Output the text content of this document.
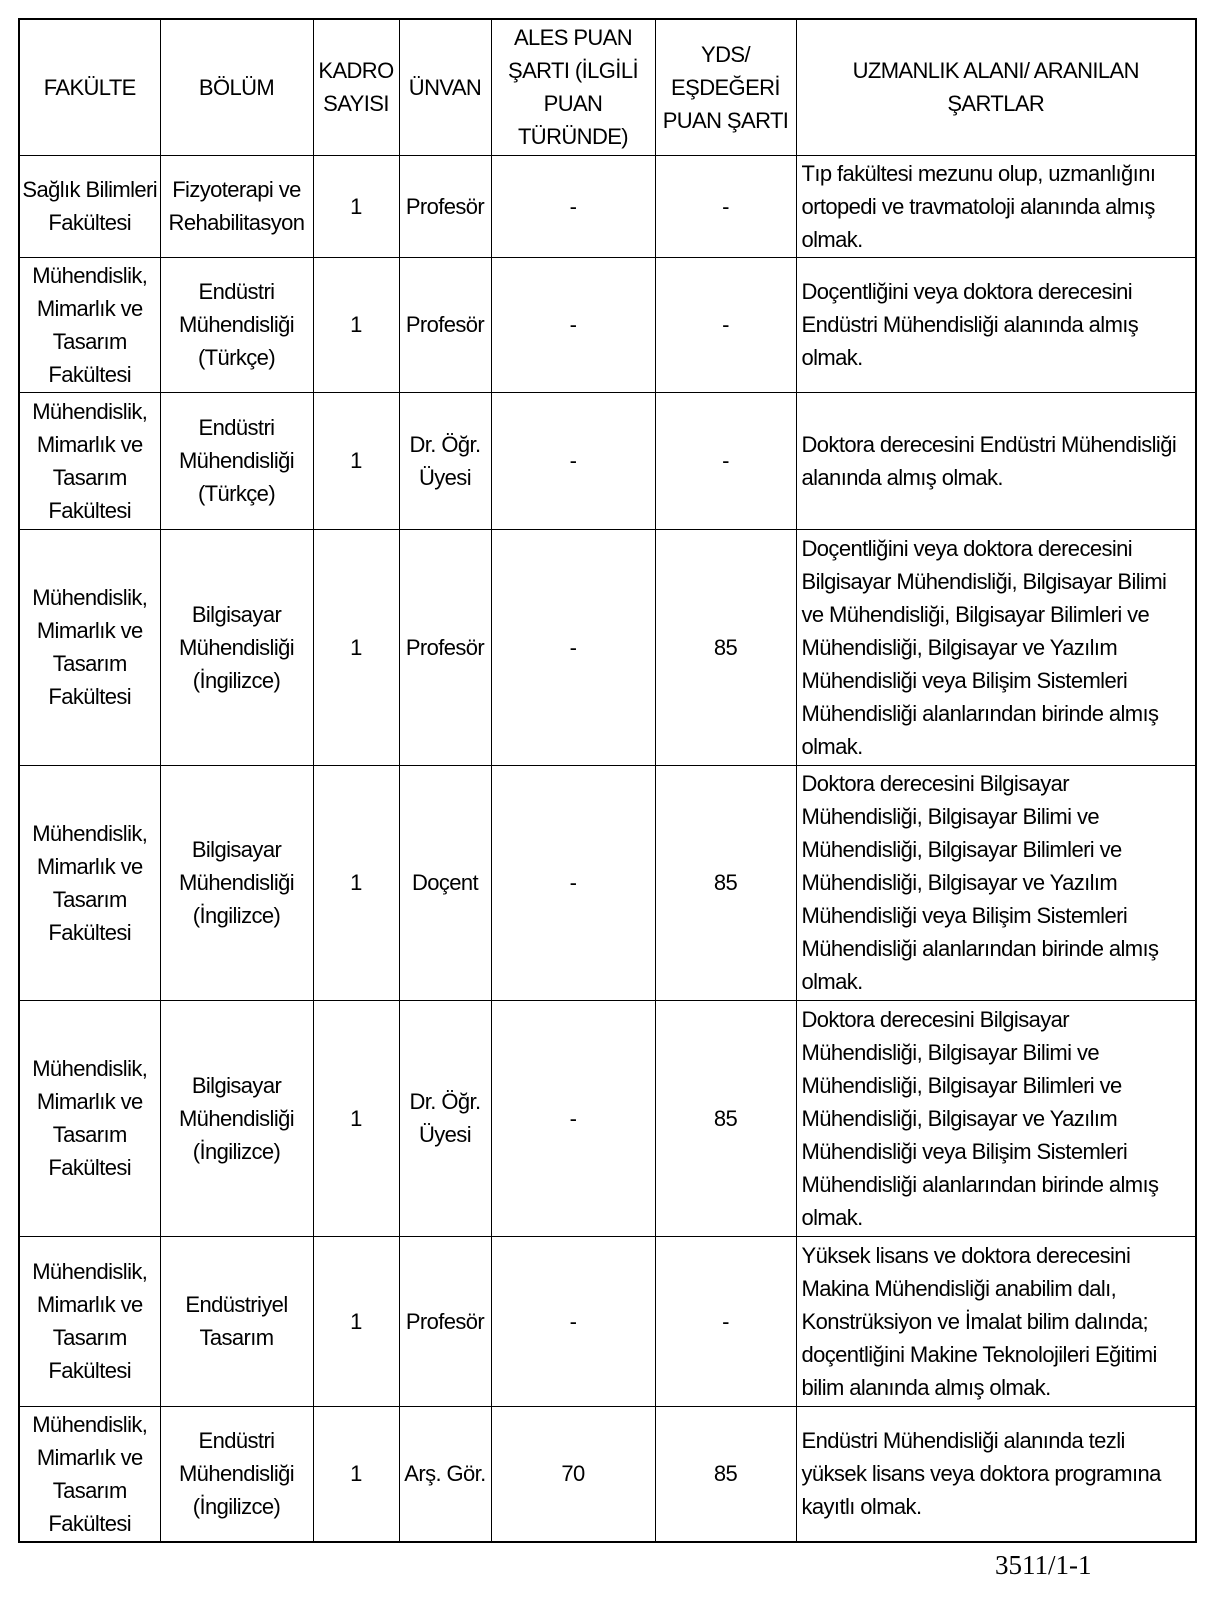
FAKÜLTE	BÖLÜM	KADRO SAYISI	ÜNVAN	ALES PUAN ŞARTI (İLGİLİ PUAN TÜRÜNDE)	YDS/ EŞDEĞERİ PUAN ŞARTI	UZMANLIK ALANI/ ARANILAN ŞARTLAR
Sağlık Bilimleri Fakültesi	Fizyoterapi ve Rehabilitasyon	1	Profesör	-	-	Tıp fakültesi mezunu olup, uzmanlığını ortopedi ve travmatoloji alanında almış olmak.
Mühendislik, Mimarlık ve Tasarım Fakültesi	Endüstri Mühendisliği (Türkçe)	1	Profesör	-	-	Doçentliğini veya doktora derecesini Endüstri Mühendisliği alanında almış olmak.
Mühendislik, Mimarlık ve Tasarım Fakültesi	Endüstri Mühendisliği (Türkçe)	1	Dr. Öğr. Üyesi	-	-	Doktora derecesini Endüstri Mühendisliği alanında almış olmak.
Mühendislik, Mimarlık ve Tasarım Fakültesi	Bilgisayar Mühendisliği (İngilizce)	1	Profesör	-	85	Doçentliğini veya doktora derecesini Bilgisayar Mühendisliği, Bilgisayar Bilimi ve Mühendisliği, Bilgisayar Bilimleri ve Mühendisliği, Bilgisayar ve Yazılım Mühendisliği veya Bilişim Sistemleri Mühendisliği alanlarından birinde almış olmak.
Mühendislik, Mimarlık ve Tasarım Fakültesi	Bilgisayar Mühendisliği (İngilizce)	1	Doçent	-	85	Doktora derecesini Bilgisayar Mühendisliği, Bilgisayar Bilimi ve Mühendisliği, Bilgisayar Bilimleri ve Mühendisliği, Bilgisayar ve Yazılım Mühendisliği veya Bilişim Sistemleri Mühendisliği alanlarından birinde almış olmak.
Mühendislik, Mimarlık ve Tasarım Fakültesi	Bilgisayar Mühendisliği (İngilizce)	1	Dr. Öğr. Üyesi	-	85	Doktora derecesini Bilgisayar Mühendisliği, Bilgisayar Bilimi ve Mühendisliği, Bilgisayar Bilimleri ve Mühendisliği, Bilgisayar ve Yazılım Mühendisliği veya Bilişim Sistemleri Mühendisliği alanlarından birinde almış olmak.
Mühendislik, Mimarlık ve Tasarım Fakültesi	Endüstriyel Tasarım	1	Profesör	-	-	Yüksek lisans ve doktora derecesini Makina Mühendisliği anabilim dalı, Konstrüksiyon ve İmalat bilim dalında; doçentliğini Makine Teknolojileri Eğitimi bilim alanında almış olmak.
Mühendislik, Mimarlık ve Tasarım Fakültesi	Endüstri Mühendisliği (İngilizce)	1	Arş. Gör.	70	85	Endüstri Mühendisliği alanında tezli yüksek lisans veya doktora programına kayıtlı olmak.
3511/1-1
